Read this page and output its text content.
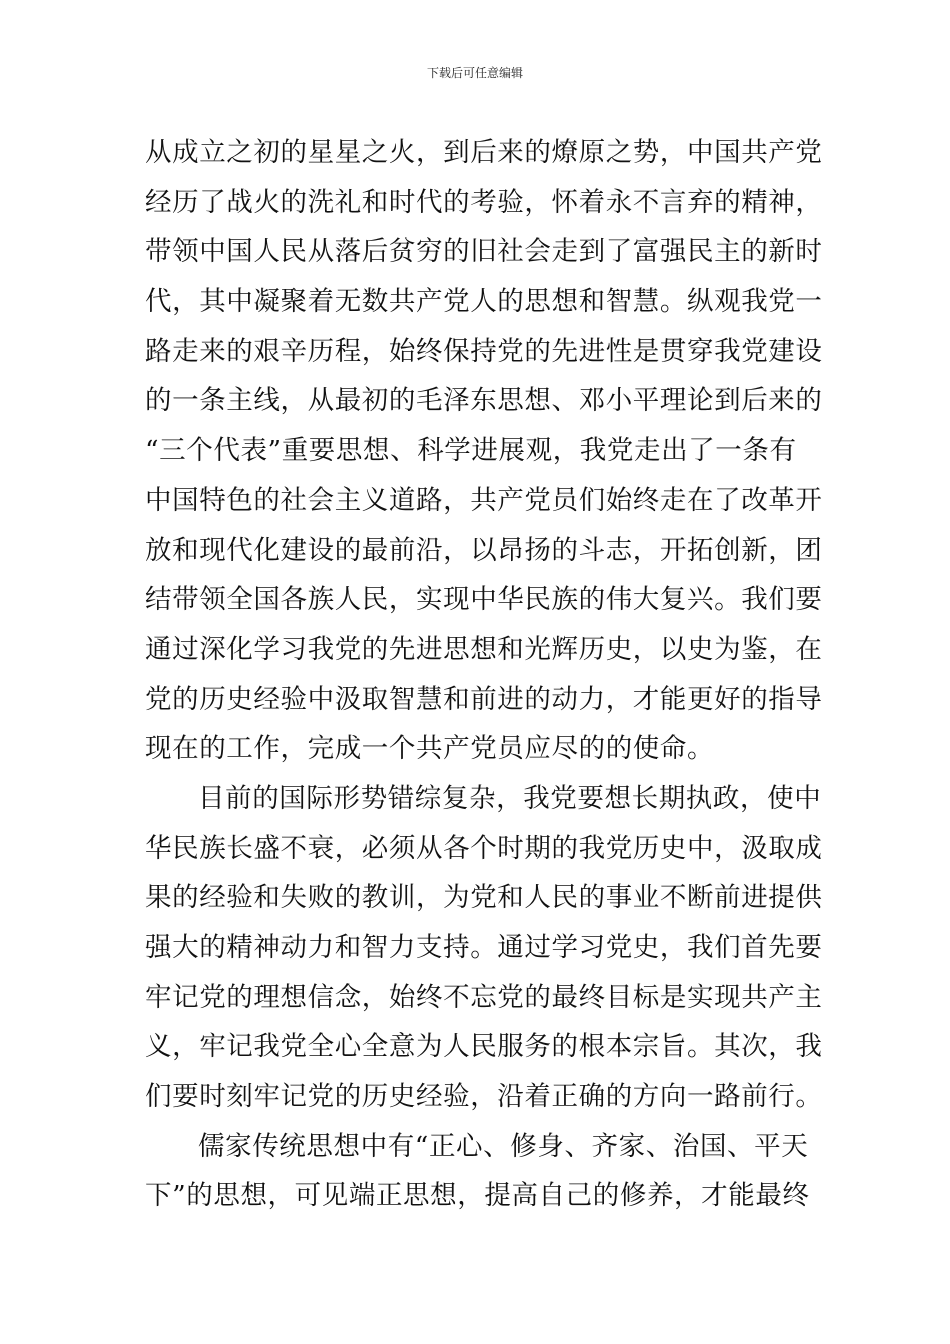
下载后可任意编辑
从成立之初的星星之火，到后来的燎原之势，中国共产党
经历了战火的洗礼和时代的考验，怀着永不言弃的精神，
带领中国人民从落后贫穷的旧社会走到了富强民主的新时
代，其中凝聚着无数共产党人的思想和智慧。纵观我党一
路走来的艰辛历程，始终保持党的先进性是贯穿我党建设
的一条主线，从最初的毛泽东思想、邓小平理论到后来的
“三个代表”重要思想、科学进展观，我党走出了一条有
中国特色的社会主义道路，共产党员们始终走在了改革开
放和现代化建设的最前沿，以昂扬的斗志，开拓创新，团
结带领全国各族人民，实现中华民族的伟大复兴。我们要
通过深化学习我党的先进思想和光辉历史，以史为鉴，在
党的历史经验中汲取智慧和前进的动力，才能更好的指导
现在的工作，完成一个共产党员应尽的的使命。
目前的国际形势错综复杂，我党要想长期执政，使中
华民族长盛不衰，必须从各个时期的我党历史中，汲取成
果的经验和失败的教训，为党和人民的事业不断前进提供
强大的精神动力和智力支持。通过学习党史，我们首先要
牢记党的理想信念，始终不忘党的最终目标是实现共产主
义，牢记我党全心全意为人民服务的根本宗旨。其次，我
们要时刻牢记党的历史经验，沿着正确的方向一路前行。
儒家传统思想中有“正心、修身、齐家、治国、平天
下”的思想，可见端正思想，提高自己的修养，才能最终
